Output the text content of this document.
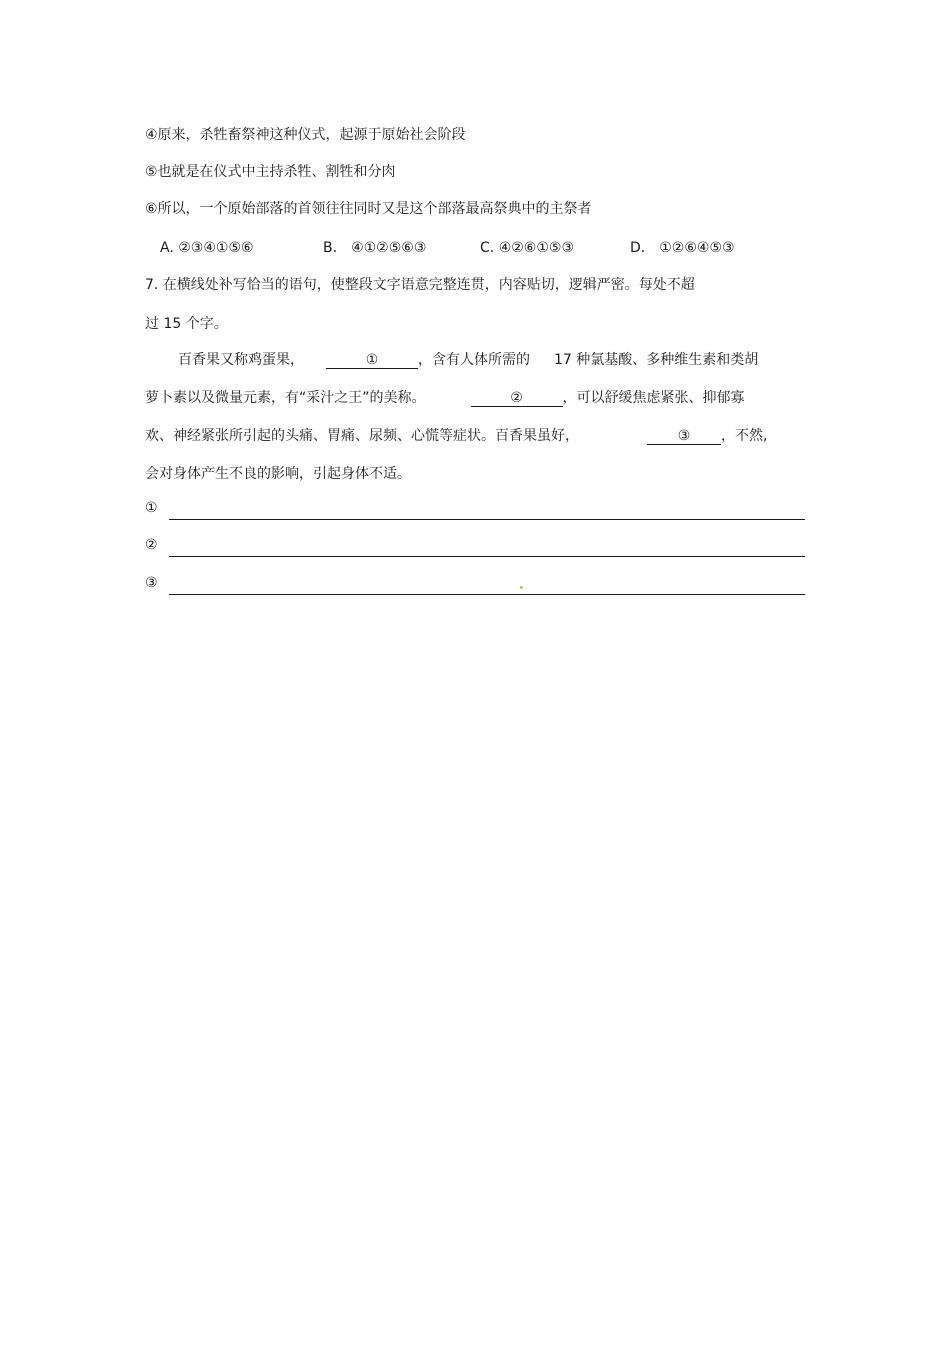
④原来，杀牲畜祭神这种仪式，起源于原始社会阶段
⑤也就是在仪式中主持杀牲、割牲和分肉
⑥所以，一个原始部落的首领往往同时又是这个部落最高祭典中的主祭者
A. ②③④①⑤⑥	B． ④①②⑤⑥③	C. ④②⑥①⑤③	D． ①②⑥④⑤③
7. 在横线处补写恰当的语句，使整段文字语意完整连贯，内容贴切，逻辑严密。每处不超
过 15 个字。
百香果又称鸡蛋果，	①	，含有人体所需的 17 种氯基酸、多种维生素和类胡
萝卜素以及微量元素，有“采汁之王”的美称。	②	，可以舒缓焦虑紧张、抑郁寡
欢、神经紧张所引起的头痛、胃痛、尿频、心慌等症状。百香果虽好，	③ ，不然,
会对身体产生不良的影响，引起身体不适。
①
②
③
